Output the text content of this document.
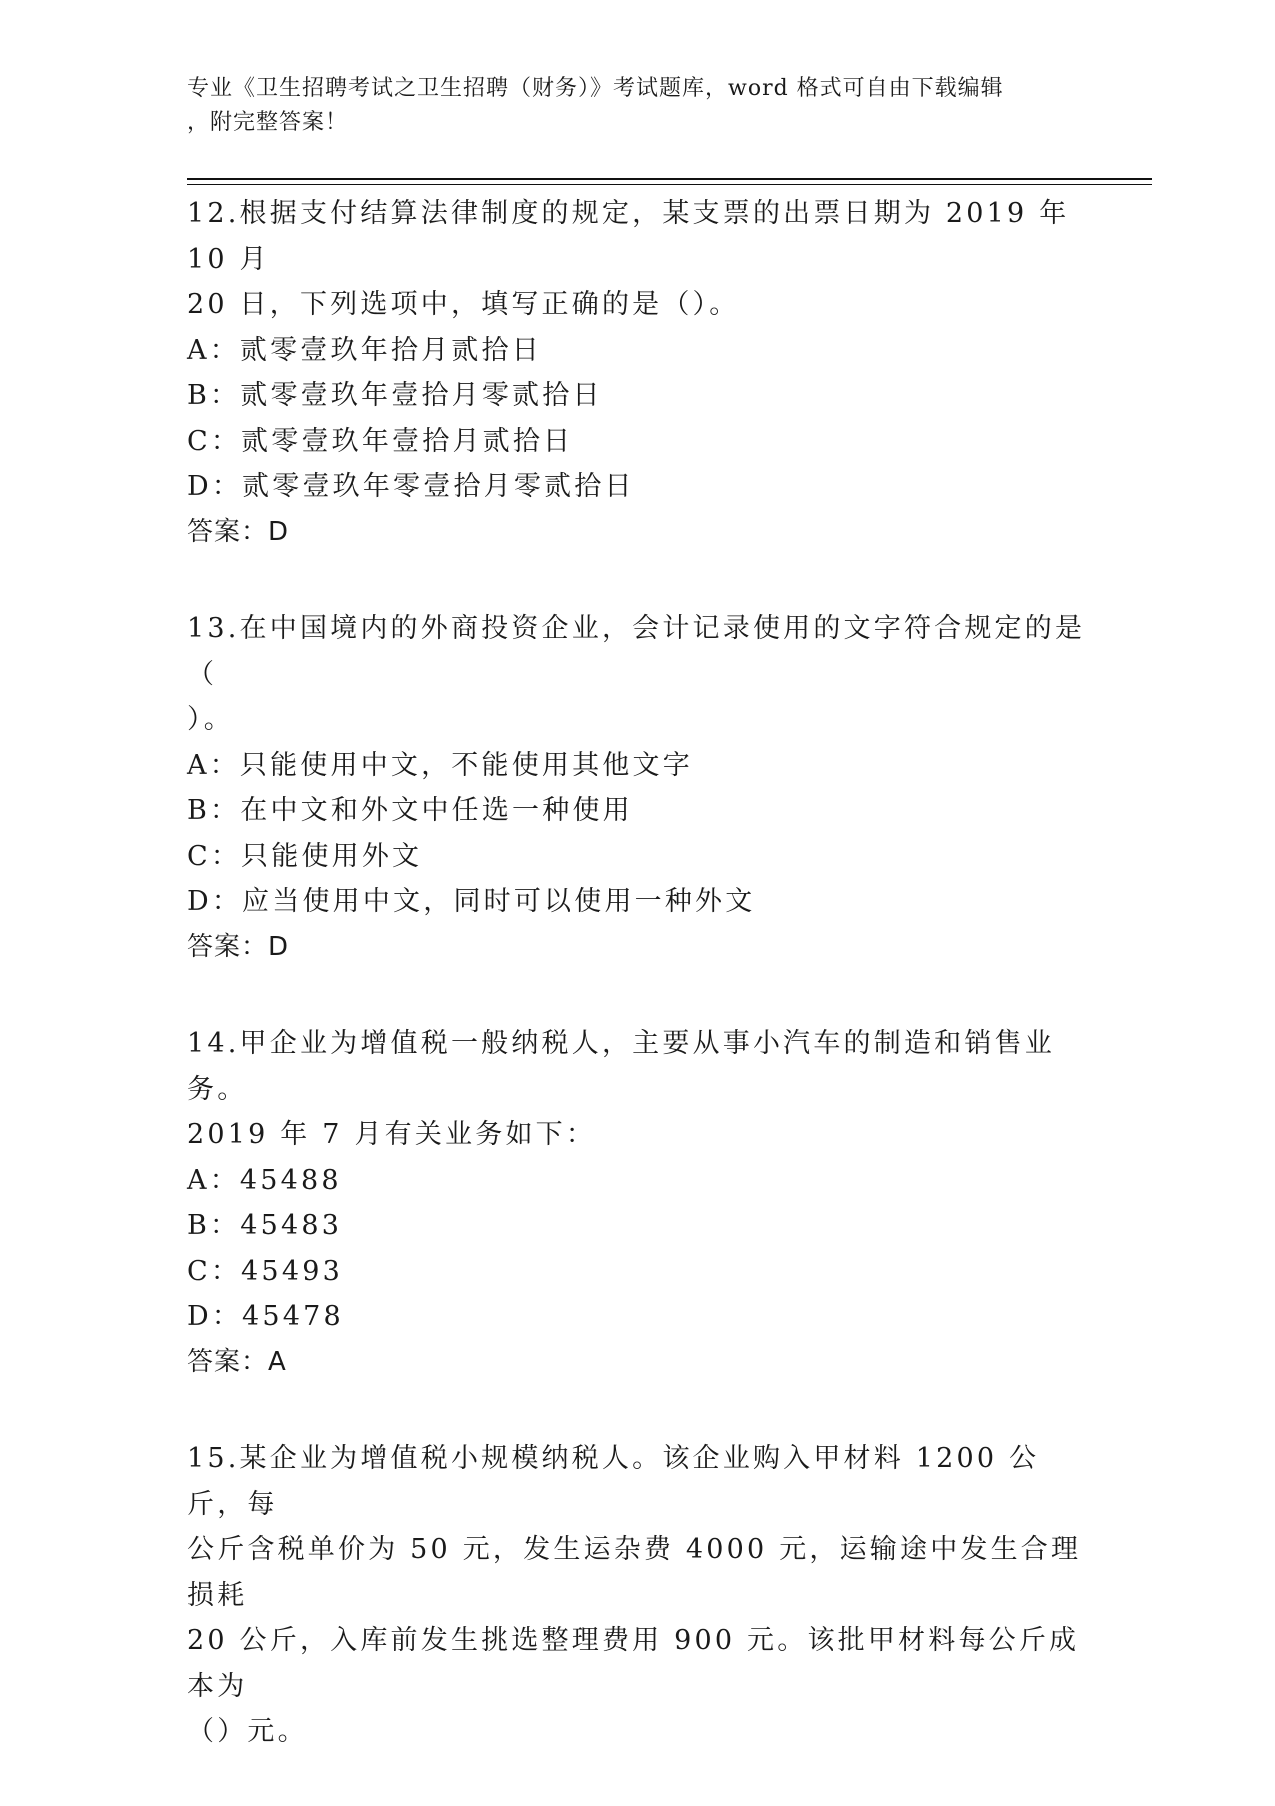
专业《卫生招聘考试之卫生招聘（财务）》考试题库，word 格式可自由下载编辑
，附完整答案！
12.根据支付结算法律制度的规定，某支票的出票日期为 2019 年 10 月
20 日，下列选项中，填写正确的是（）。
A：贰零壹玖年拾月贰拾日
B：贰零壹玖年壹拾月零贰拾日
C：贰零壹玖年壹拾月贰拾日
D：贰零壹玖年零壹拾月零贰拾日
答案：D
13.在中国境内的外商投资企业，会计记录使用的文字符合规定的是（
）。
A：只能使用中文，不能使用其他文字
B：在中文和外文中任选一种使用
C：只能使用外文
D：应当使用中文，同时可以使用一种外文
答案：D
14.甲企业为增值税一般纳税人，主要从事小汽车的制造和销售业务。
2019 年 7 月有关业务如下：
A：45488
B：45483
C：45493
D：45478
答案：A
15.某企业为增值税小规模纳税人。该企业购入甲材料 1200 公斤，每
公斤含税单价为 50 元，发生运杂费 4000 元，运输途中发生合理损耗
20 公斤，入库前发生挑选整理费用 900 元。该批甲材料每公斤成本为
（）元。
